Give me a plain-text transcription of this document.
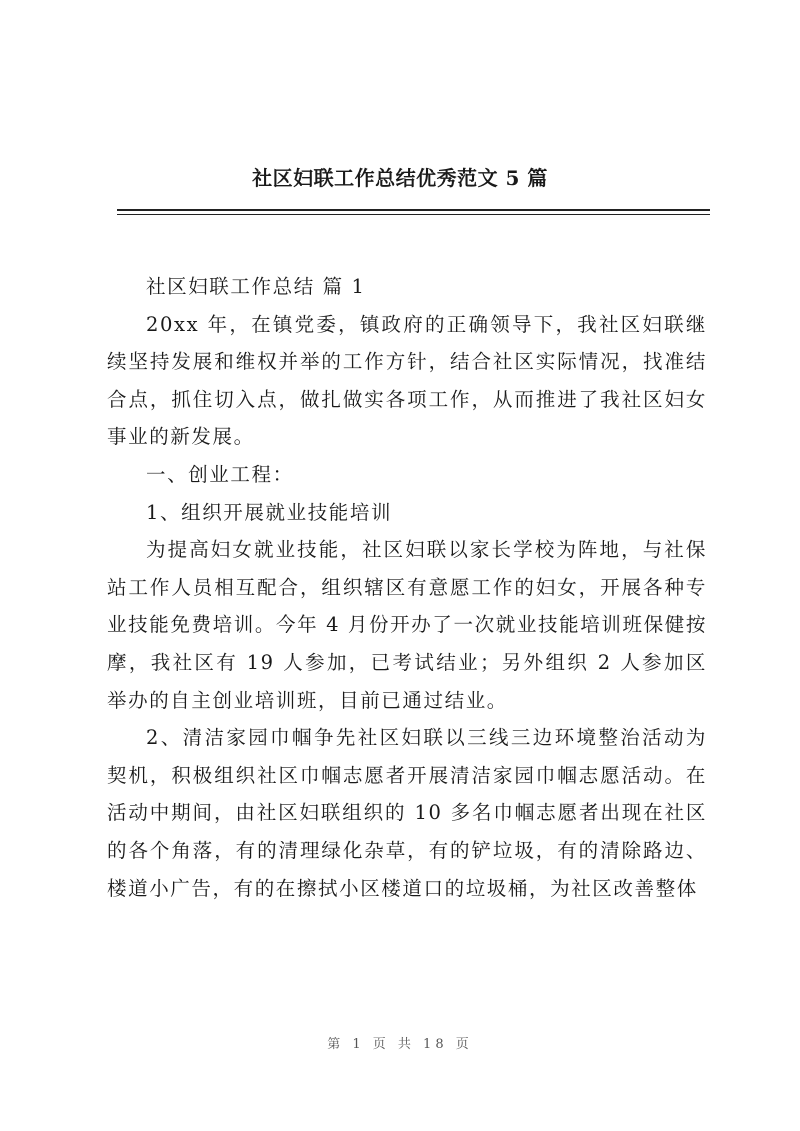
社区妇联工作总结优秀范文 5 篇

社区妇联工作总结 篇 1

20xx 年，在镇党委，镇政府的正确领导下，我社区妇联继续坚持发展和维权并举的工作方针，结合社区实际情况，找准结合点，抓住切入点，做扎做实各项工作，从而推进了我社区妇女事业的新发展。

一、创业工程：

1、组织开展就业技能培训

为提高妇女就业技能，社区妇联以家长学校为阵地，与社保站工作人员相互配合，组织辖区有意愿工作的妇女，开展各种专业技能免费培训。今年 4 月份开办了一次就业技能培训班保健按摩，我社区有 19 人参加，已考试结业；另外组织 2 人参加区举办的自主创业培训班，目前已通过结业。

2、清洁家园巾帼争先社区妇联以三线三边环境整治活动为契机，积极组织社区巾帼志愿者开展清洁家园巾帼志愿活动。在活动中期间，由社区妇联组织的 10 多名巾帼志愿者出现在社区的各个角落，有的清理绿化杂草，有的铲垃圾，有的清除路边、楼道小广告，有的在擦拭小区楼道口的垃圾桶，为社区改善整体

第 1 页 共 18 页
